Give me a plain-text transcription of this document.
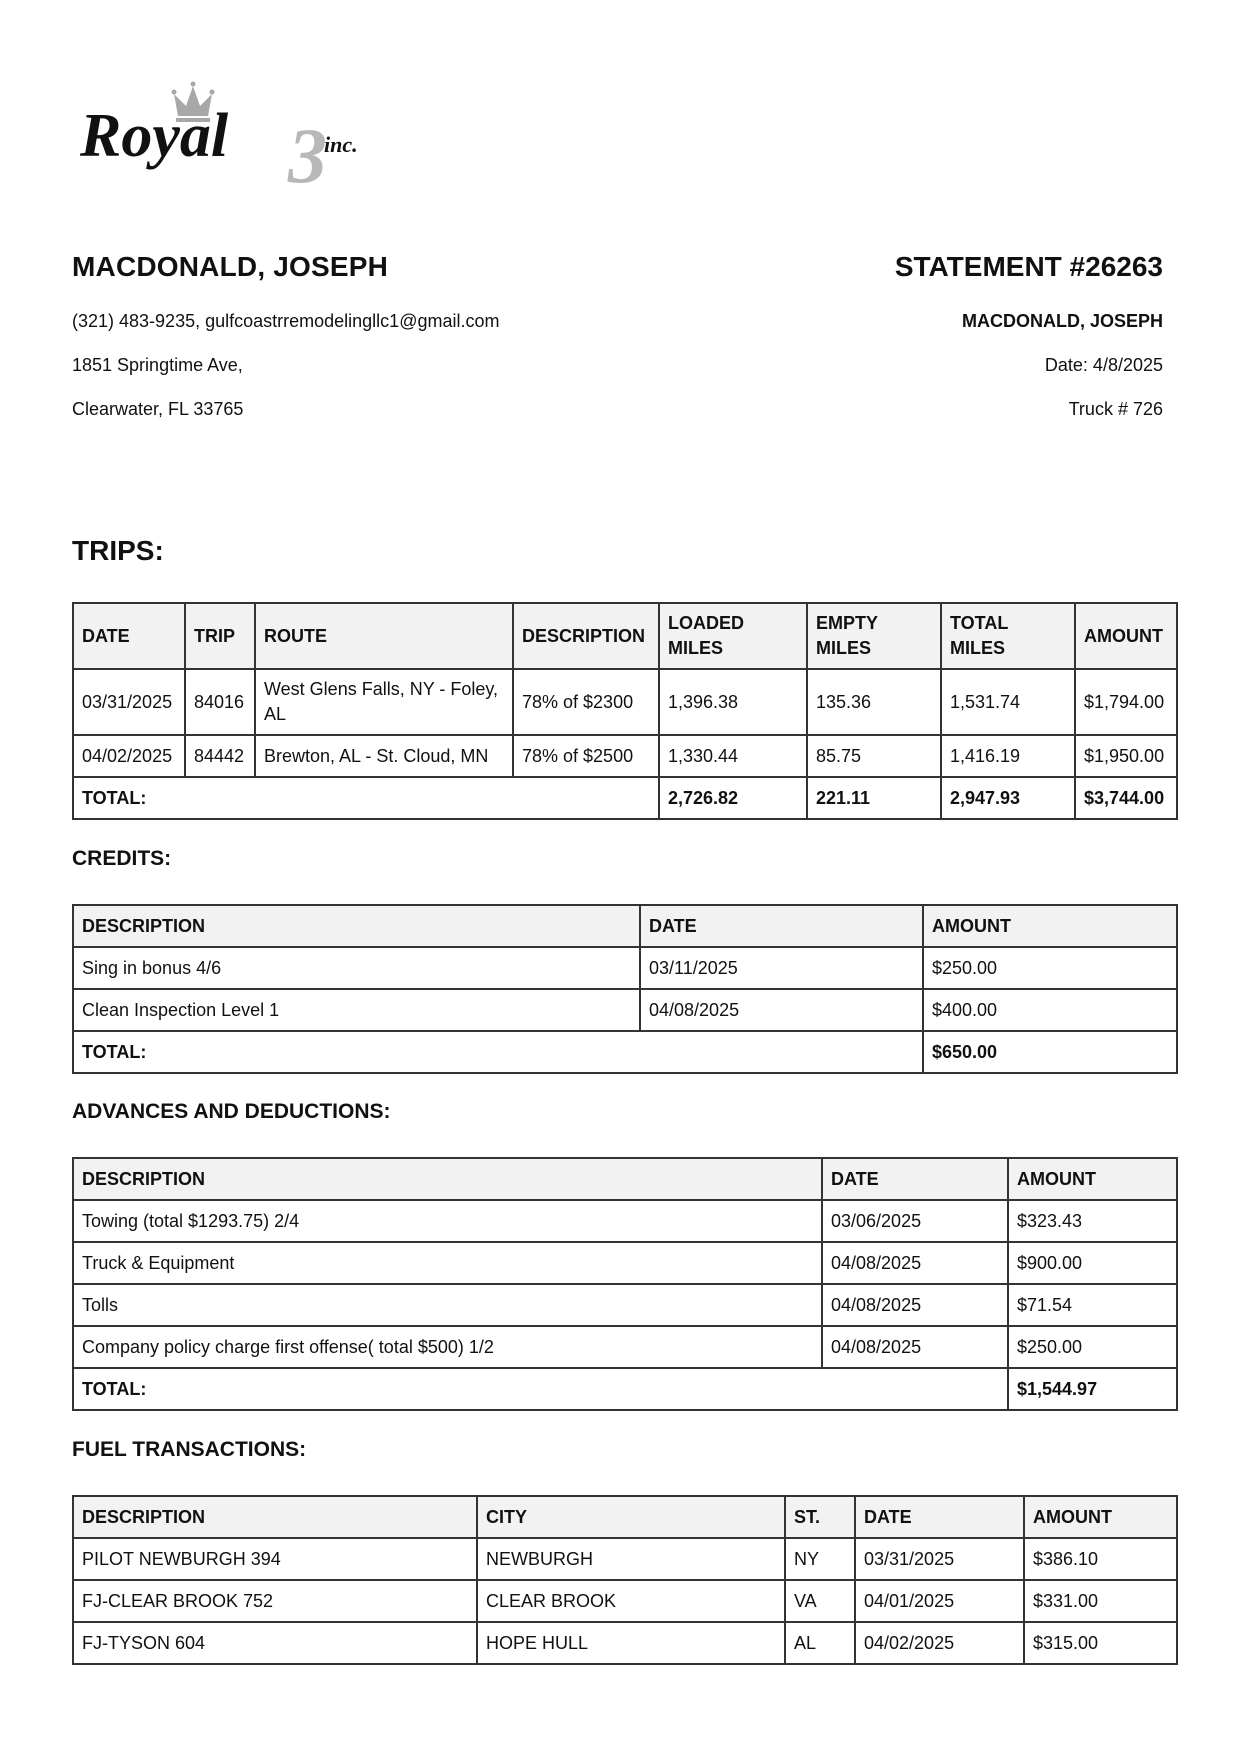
3
Royal	inc.
MACDONALD, JOSEPH	STATEMENT #26263
(321) 483-9235, gulfcoastrremodelingllc1@gmail.com
1851 Springtime Ave,
Clearwater, FL 33765
MACDONALD, JOSEPH
Date: 4/8/2025
Truck # 726
TRIPS:
DATE	TRIP	ROUTE	DESCRIPTION	LOADED MILES	EMPTY MILES	TOTAL MILES	AMOUNT
03/31/2025	84016	West Glens Falls, NY - Foley, AL	78% of $2300	1,396.38	135.36	1,531.74	$1,794.00
04/02/2025	84442	Brewton, AL - St. Cloud, MN	78% of $2500	1,330.44	85.75	1,416.19	$1,950.00
TOTAL:				2,726.82	221.11	2,947.93	$3,744.00
CREDITS:
DESCRIPTION	DATE	AMOUNT
Sing in bonus 4/6	03/11/2025	$250.00
Clean Inspection Level 1	04/08/2025	$400.00
TOTAL:		$650.00
ADVANCES AND DEDUCTIONS:
DESCRIPTION	DATE	AMOUNT
Towing (total $1293.75) 2/4	03/06/2025	$323.43
Truck & Equipment	04/08/2025	$900.00
Tolls	04/08/2025	$71.54
Company policy charge first offense( total $500) 1/2	04/08/2025	$250.00
TOTAL:		$1,544.97
FUEL TRANSACTIONS:
DESCRIPTION	CITY	ST.	DATE	AMOUNT
PILOT NEWBURGH 394	NEWBURGH	NY	03/31/2025	$386.10
FJ-CLEAR BROOK 752	CLEAR BROOK	VA	04/01/2025	$331.00
FJ-TYSON 604	HOPE HULL	AL	04/02/2025	$315.00
